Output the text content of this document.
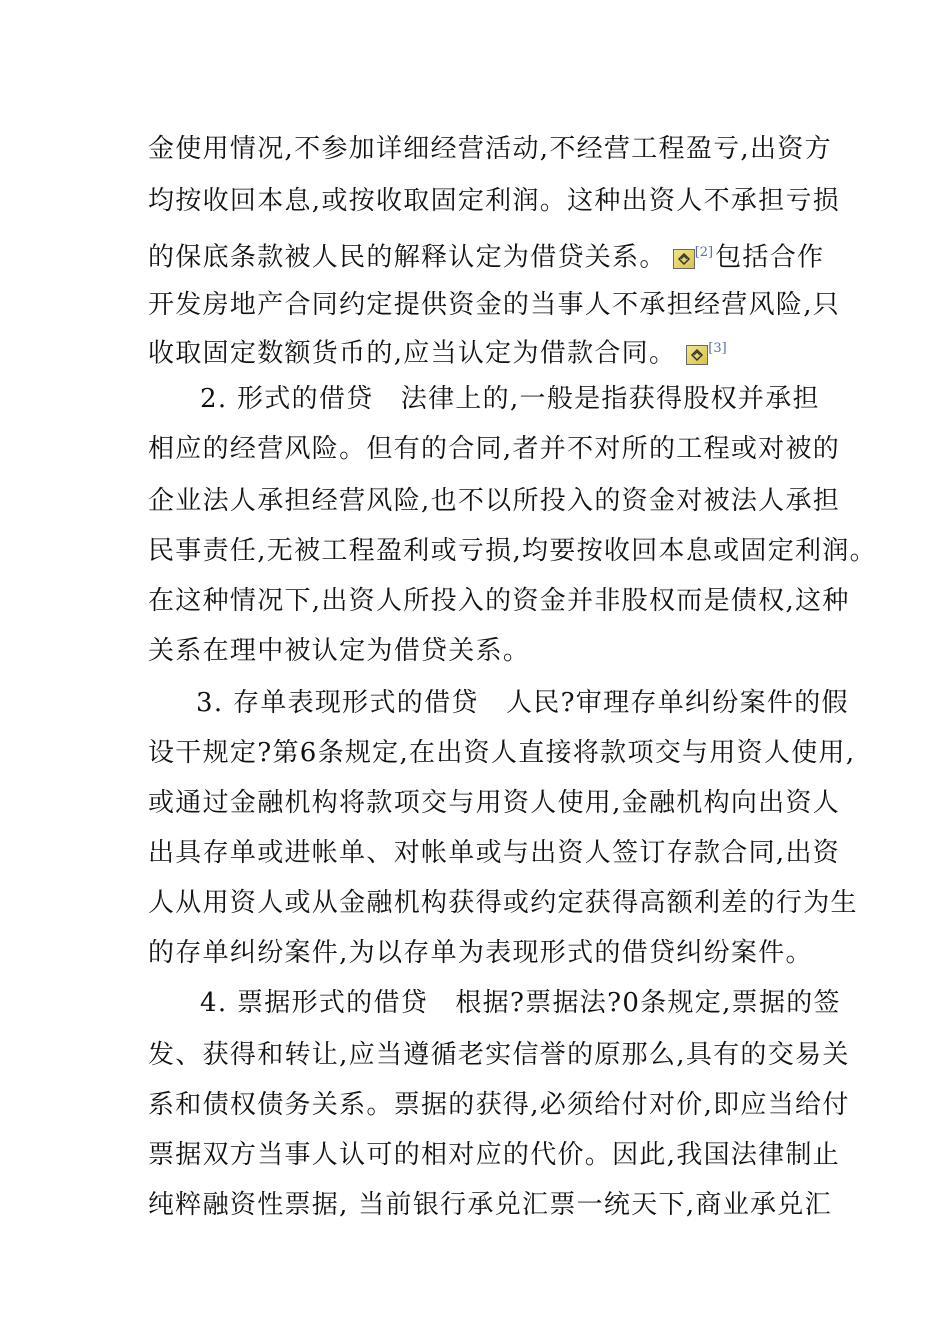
金使用情况,不参加详细经营活动,不经营工程盈亏,出资方
均按收回本息,或按收取固定利润。这种出资人不承担亏损
的保底条款被人民的解释认定为借贷关系。 [2]包括合作
开发房地产合同约定提供资金的当事人不承担经营风险,只
收取固定数额货币的,应当认定为借款合同。 [3]
2. 形式的借贷　法律上的,一般是指获得股权并承担
相应的经营风险。但有的合同,者并不对所的工程或对被的
企业法人承担经营风险,也不以所投入的资金对被法人承担
民事责任,无被工程盈利或亏损,均要按收回本息或固定利润。
在这种情况下,出资人所投入的资金并非股权而是债权,这种
关系在理中被认定为借贷关系。
3. 存单表现形式的借贷　人民?审理存单纠纷案件的假
设干规定?第6条规定,在出资人直接将款项交与用资人使用,
或通过金融机构将款项交与用资人使用,金融机构向出资人
出具存单或进帐单、对帐单或与出资人签订存款合同,出资
人从用资人或从金融机构获得或约定获得高额利差的行为生
的存单纠纷案件,为以存单为表现形式的借贷纠纷案件。
4. 票据形式的借贷　根据?票据法?0条规定,票据的签
发、获得和转让,应当遵循老实信誉的原那么,具有的交易关
系和债权债务关系。票据的获得,必须给付对价,即应当给付
票据双方当事人认可的相对应的代价。因此,我国法律制止
纯粹融资性票据, 当前银行承兑汇票一统天下,商业承兑汇
